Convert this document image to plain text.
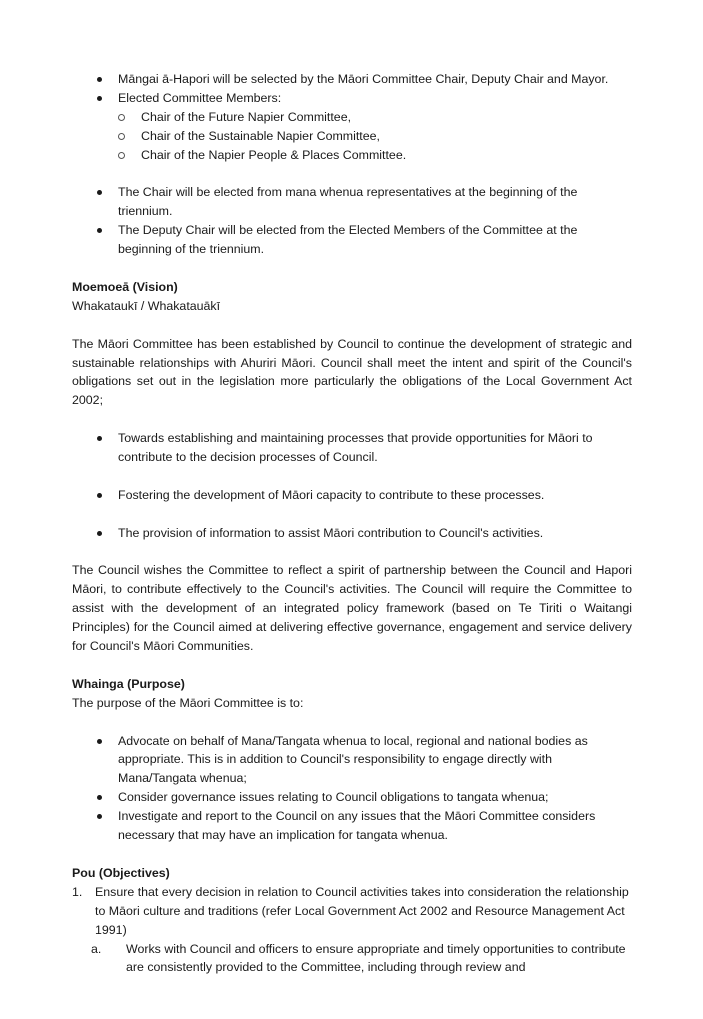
Māngai ā-Hapori will be selected by the Māori Committee Chair, Deputy Chair and Mayor.
Elected Committee Members:
Chair of the Future Napier Committee,
Chair of the Sustainable Napier Committee,
Chair of the Napier People & Places Committee.
The Chair will be elected from mana whenua representatives at the beginning of the triennium.
The Deputy Chair will be elected from the Elected Members of the Committee at the beginning of the triennium.

Moemoeā (Vision)

Whakataukī / Whakatauākī

The Māori Committee has been established by Council to continue the development of strategic and sustainable relationships with Ahuriri Māori. Council shall meet the intent and spirit of the Council's obligations set out in the legislation more particularly the obligations of the Local Government Act 2002;

Towards establishing and maintaining processes that provide opportunities for Māori to contribute to the decision processes of Council.
Fostering the development of Māori capacity to contribute to these processes.
The provision of information to assist Māori contribution to Council's activities.

The Council wishes the Committee to reflect a spirit of partnership between the Council and Hapori Māori, to contribute effectively to the Council's activities. The Council will require the Committee to assist with the development of an integrated policy framework (based on Te Tiriti o Waitangi Principles) for the Council aimed at delivering effective governance, engagement and service delivery for Council's Māori Communities.

Whainga (Purpose)

The purpose of the Māori Committee is to:

Advocate on behalf of Mana/Tangata whenua to local, regional and national bodies as appropriate. This is in addition to Council's responsibility to engage directly with Mana/Tangata whenua;
Consider governance issues relating to Council obligations to tangata whenua;
Investigate and report to the Council on any issues that the Māori Committee considers necessary that may have an implication for tangata whenua.

Pou (Objectives)

1. Ensure that every decision in relation to Council activities takes into consideration the relationship to Māori culture and traditions (refer Local Government Act 2002 and Resource Management Act 1991)
a. Works with Council and officers to ensure appropriate and timely opportunities to contribute are consistently provided to the Committee, including through review and
